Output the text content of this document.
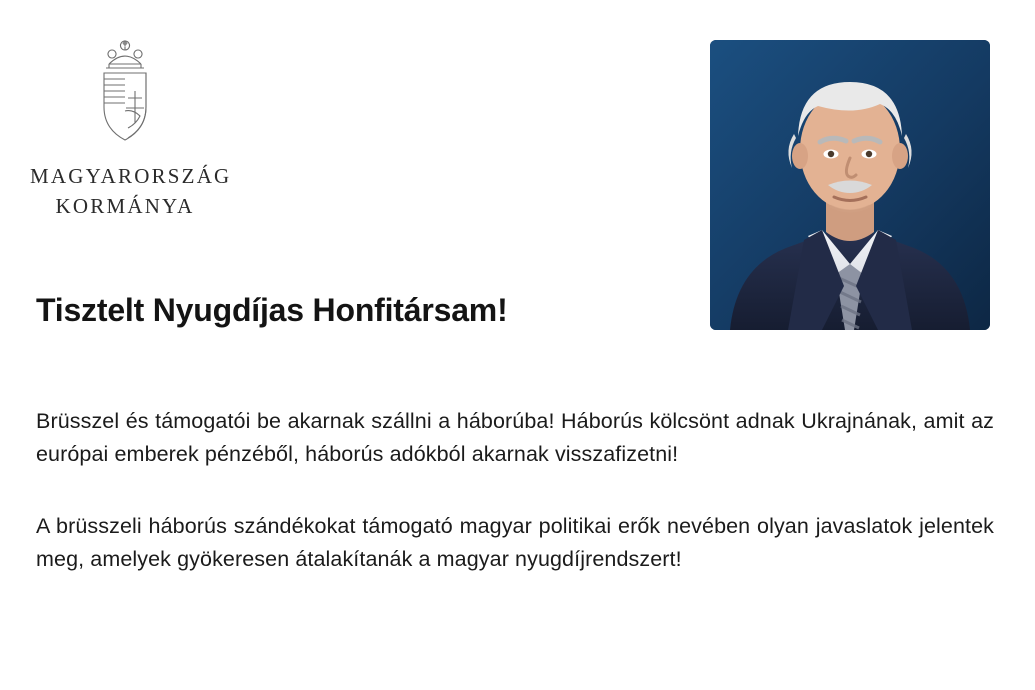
MAGYARORSZÁG
KORMÁNYA
Tisztelt Nyugdíjas Honfitársam!

Brüsszel és támogatói be akarnak szállni a háborúba! Háborús kölcsönt adnak Ukrajnának, amit az európai emberek pénzéből, háborús adókból akarnak visszafizetni!

A brüsszeli háborús szándékokat támogató magyar politikai erők nevében olyan javaslatok jelentek meg, amelyek gyökeresen átalakítanák a magyar nyugdíjrendszert!
